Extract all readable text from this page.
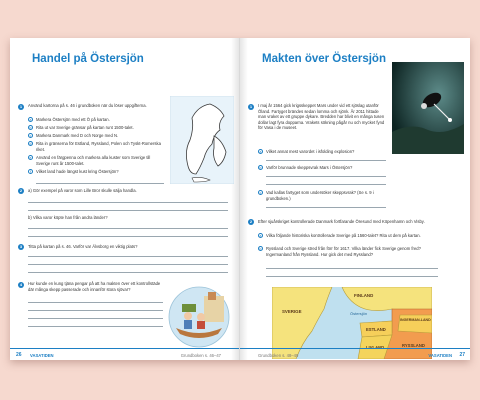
Handel på Östersjön
1	Använd kartorna på s. 46 i grundboken när du löser uppgifterna.
a	Markera Östersjön med ett Ö på kartan.
b	Rita ut var Sverige gränsar på kartan runt 1500-talet.
c	Markera Danmark med D och Norge med N.
d	Rita in gränserna för Estland, Ryssland, Polen och Tyskt-Romerska riket.
e	Använd en färgpenna och markera alla kuster som Sverige till Sverige runt år 1500-talet.
f	Vilket land hade längst kust kring Östersjön?
2	a) Gör exempel på varor som Lille Bror skulle sälja handla.
b) Vilka varor köpte han från andra länder?
3	Titta på kartan på s. 46. Varför var Älvsborg en viktig plats?
4	Hur kunde en kung tjäna pengar på att ha makten över ett kontrollstäde där många skepp passerade och innanför stora sjövar?
26 VASATIDEN	Grundboken s. 46–47
Makten över Östersjön
1	I maj år 1564 gick krigsskeppet Mars under vid ett sjöslag utanför Öland. Fartyget brändes sedan lomma och sjönk. År 2011 hittade man vraket av ett gruppe dykare. Bredden har blivit en många tusen dollar lagt fyra dopparna. Vrakets sökning pågår nu och mycket fynd för Vasa i de museet.
a	Vilket annat mest varordet i isfolding explosion?
b	Varför brunnade skeppsvrak Mars i Östersjön?
c	Vad kallas fartyget som undersöker skeppsvrak? (Se s. 9 i grundboken.)
2	Efter sjuårskriget kontrollerade Danmark fortfarande Öresund med Köpenhamn och Visby.
a	Vilka följande historiska kontrollerade Sverige på 1560-talet? Rita ut dem på kartan.
b	Ryssland och Sverige stred från förr för 1617. Vilka länder fick Sverige genom fred? Ingermanland från Ryssland. Hur gick det med Ryssland?
Östersjön
FINLAND
SVERIGE
INGERMAN-LAND
ESTLAND
RYSSLAND
LIVLAND
Grundboken s. 48–49	VASATIDEN 27
